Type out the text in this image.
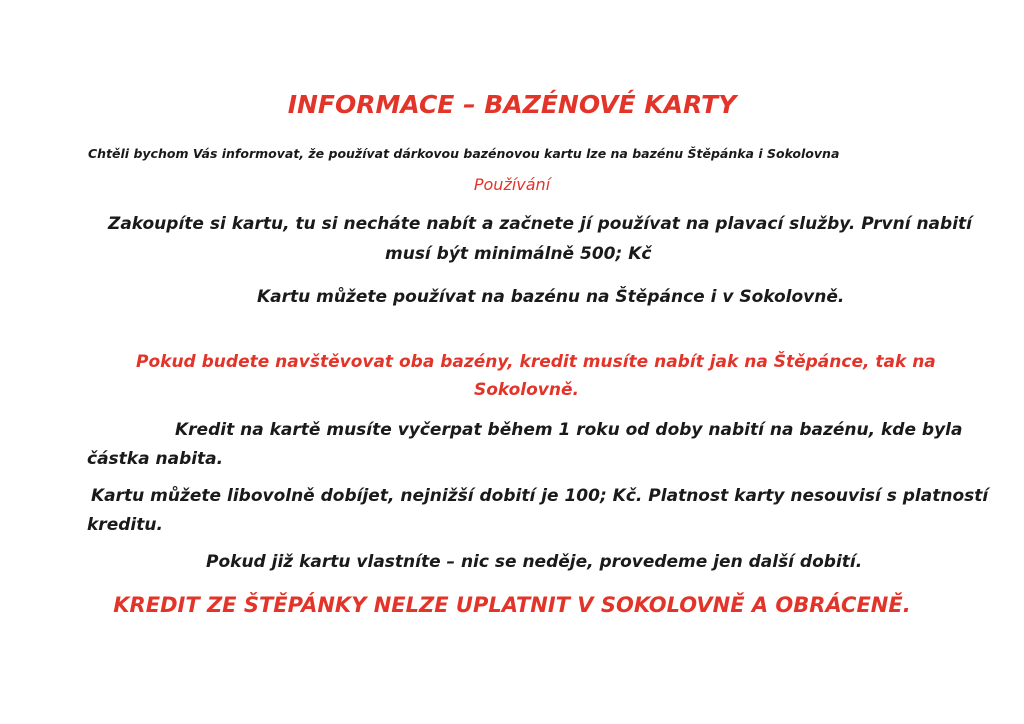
INFORMACE – BAZÉNOVÉ KARTY

Chtěli bychom Vás informovat, že používat dárkovou bazénovou kartu lze na bazénu Štěpánka i Sokolovna

Používání

Zakoupíte si kartu, tu si necháte nabít a začnete jí používat na plavací služby. První nabití

musí být minimálně 500; Kč

Kartu můžete používat na bazénu na Štěpánce i v Sokolovně.

Pokud budete navštěvovat oba bazény, kredit musíte nabít jak na Štěpánce, tak na

Sokolovně.

Kredit na kartě musíte vyčerpat během 1 roku od doby nabití na bazénu, kde byla

částka nabita.

Kartu můžete libovolně dobíjet, nejnižší dobití je 100; Kč. Platnost karty nesouvisí s platností

kreditu.

Pokud již kartu vlastníte – nic se neděje, provedeme jen další dobití.

KREDIT ZE ŠTĚPÁNKY NELZE UPLATNIT V SOKOLOVNĚ A OBRÁCENĚ.
